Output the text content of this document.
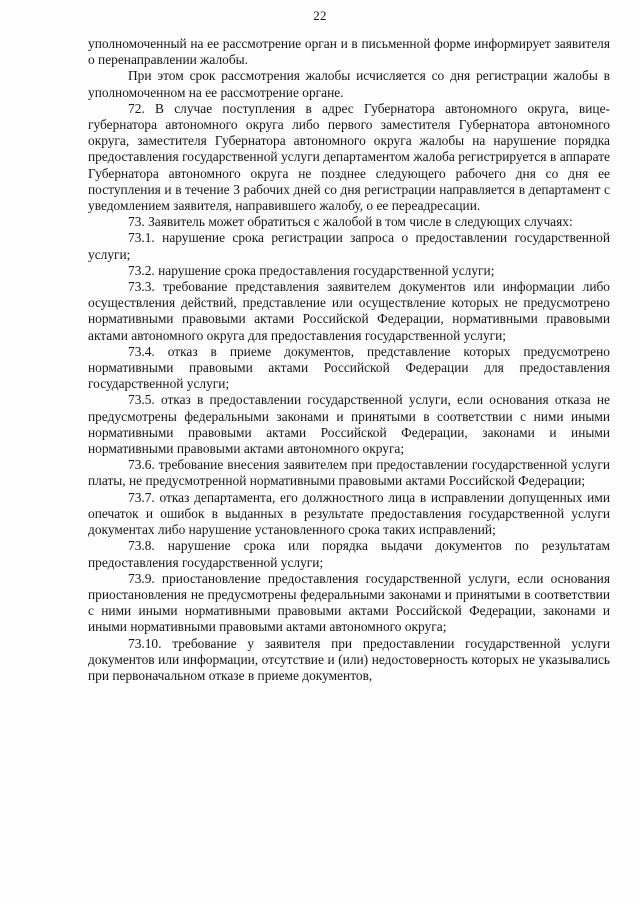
22

уполномоченный на ее рассмотрение орган и в письменной форме информирует заявителя о перенаправлении жалобы.

При этом срок рассмотрения жалобы исчисляется со дня регистрации жалобы в уполномоченном на ее рассмотрение органе.

72. В случае поступления в адрес Губернатора автономного округа, вице-губернатора автономного округа либо первого заместителя Губернатора автономного округа, заместителя Губернатора автономного округа жалобы на нарушение порядка предоставления государственной услуги департаментом жалоба регистрируется в аппарате Губернатора автономного округа не позднее следующего рабочего дня со дня ее поступления и в течение 3 рабочих дней со дня регистрации направляется в департамент с уведомлением заявителя, направившего жалобу, о ее переадресации.

73. Заявитель может обратиться с жалобой в том числе в следующих случаях:

73.1. нарушение срока регистрации запроса о предоставлении государственной услуги;

73.2. нарушение срока предоставления государственной услуги;

73.3. требование представления заявителем документов или информации либо осуществления действий, представление или осуществление которых не предусмотрено нормативными правовыми актами Российской Федерации, нормативными правовыми актами автономного округа для предоставления государственной услуги;

73.4. отказ в приеме документов, представление которых предусмотрено нормативными правовыми актами Российской Федерации для предоставления государственной услуги;

73.5. отказ в предоставлении государственной услуги, если основания отказа не предусмотрены федеральными законами и принятыми в соответствии с ними иными нормативными правовыми актами Российской Федерации, законами и иными нормативными правовыми актами автономного округа;

73.6. требование внесения заявителем при предоставлении государственной услуги платы, не предусмотренной нормативными правовыми актами Российской Федерации;

73.7. отказ департамента, его должностного лица в исправлении допущенных ими опечаток и ошибок в выданных в результате предоставления государственной услуги документах либо нарушение установленного срока таких исправлений;

73.8. нарушение срока или порядка выдачи документов по результатам предоставления государственной услуги;

73.9. приостановление предоставления государственной услуги, если основания приостановления не предусмотрены федеральными законами и принятыми в соответствии с ними иными нормативными правовыми актами Российской Федерации, законами и иными нормативными правовыми актами автономного округа;

73.10. требование у заявителя при предоставлении государственной услуги документов или информации, отсутствие и (или) недостоверность которых не указывались при первоначальном отказе в приеме документов,
